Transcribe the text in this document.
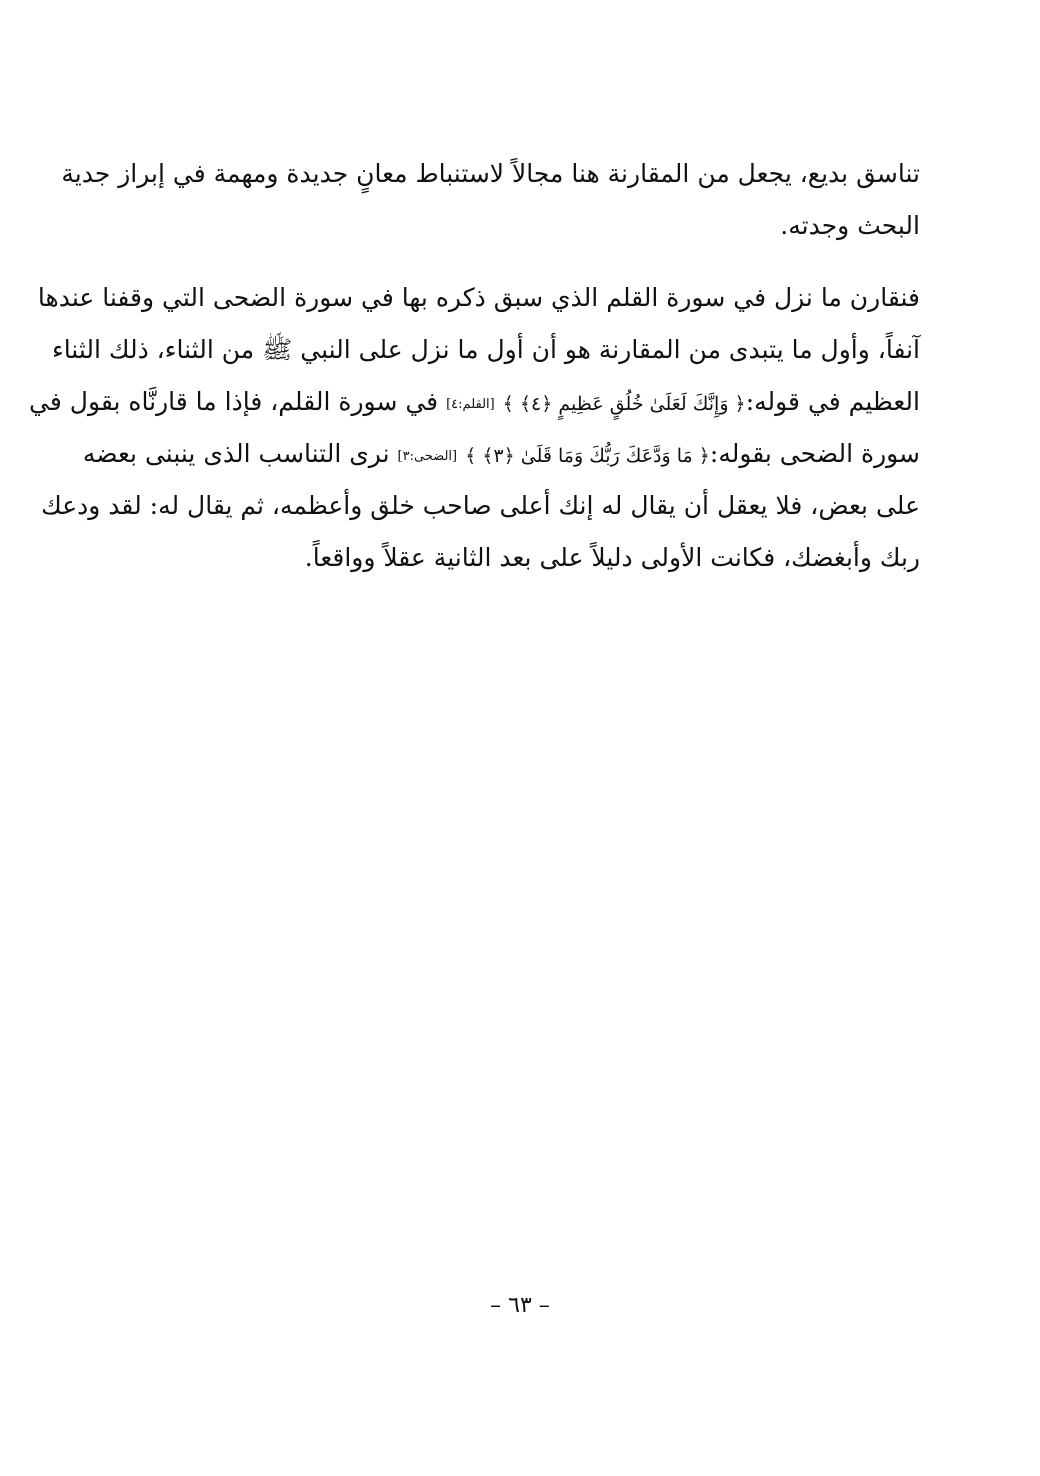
تناسق بديع، يجعل من المقارنة هنا مجالاً لاستنباط معانٍ جديدة ومهمة في إبراز جدية
البحث وجدته.
فنقارن ما نزل في سورة القلم الذي سبق ذكره بها في سورة الضحى التي وقفنا عندها
آنفاً، وأول ما يتبدى من المقارنة هو أن أول ما نزل على النبي ﷺ من الثناء، ذلك الثناء
العظيم في قوله:﴿ وَإِنَّكَ لَعَلَىٰ خُلُقٍ عَظِيمٍ ﴿٤﴾ ﴾ [القلم:٤] في سورة القلم، فإذا ما قارنَّاه بقول في
سورة الضحى بقوله:﴿ مَا وَدَّعَكَ رَبُّكَ وَمَا قَلَىٰ ﴿٣﴾ ﴾ [الضحى:٣] نرى التناسب الذى ينبنى بعضه
على بعض، فلا يعقل أن يقال له إنك أعلى صاحب خلق وأعظمه، ثم يقال له: لقد ودعك
ربك وأبغضك، فكانت الأولى دليلاً على بعد الثانية عقلاً وواقعاً.
– ٦٣ –
